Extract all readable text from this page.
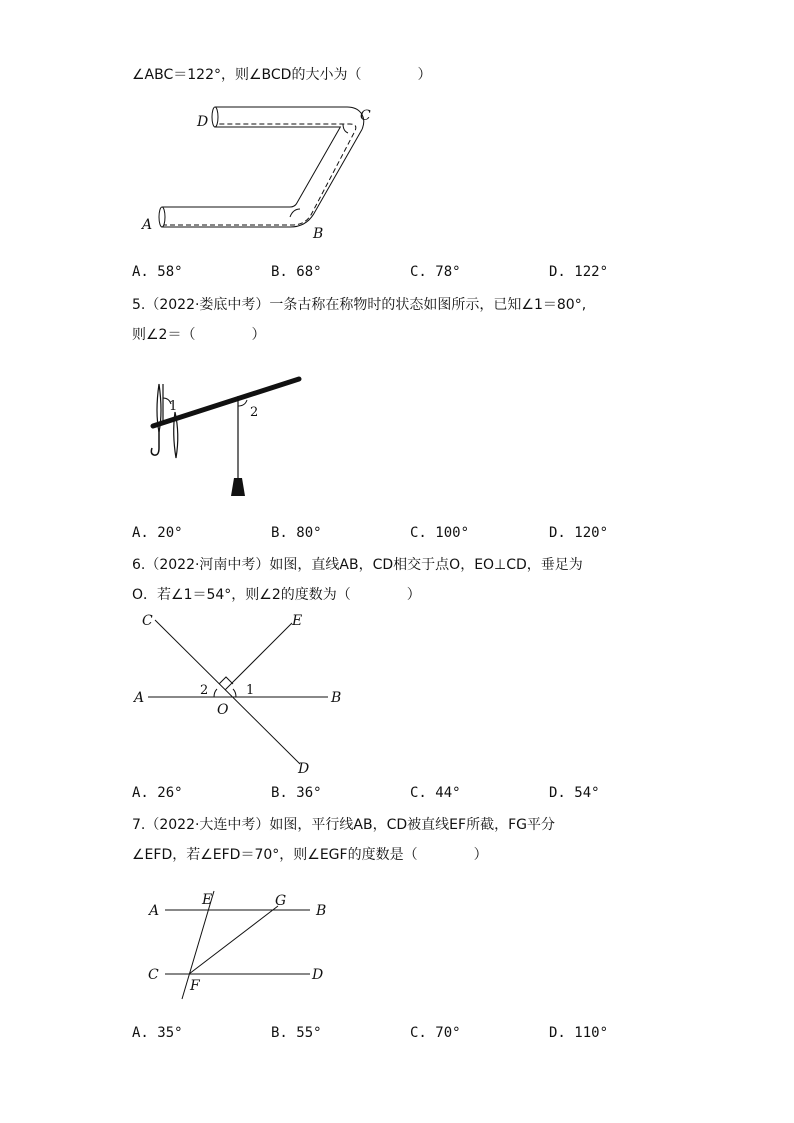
∠ABC＝122°，则∠BCD的大小为（　　　　）
A
B
C
D
A. 58°	B. 68°	C. 78°	D. 122°
5.（2022·娄底中考）一条古称在称物时的状态如图所示，已知∠1＝80°,
则∠2＝（　　　　）
1	2
A. 20°	B. 80°	C. 100°	D. 120°
6.（2022·河南中考）如图，直线AB，CD相交于点O，EO⊥CD，垂足为
O．若∠1＝54°，则∠2的度数为（　　　　）
A	B
C
D
E
O
1
2
A. 26°	B. 36°	C. 44°	D. 54°
7.（2022·大连中考）如图，平行线AB，CD被直线EF所截，FG平分
∠EFD，若∠EFD＝70°，则∠EGF的度数是（　　　　）
A	B
C	D
E
F
G
A. 35°	B. 55°	C. 70°	D. 110°
